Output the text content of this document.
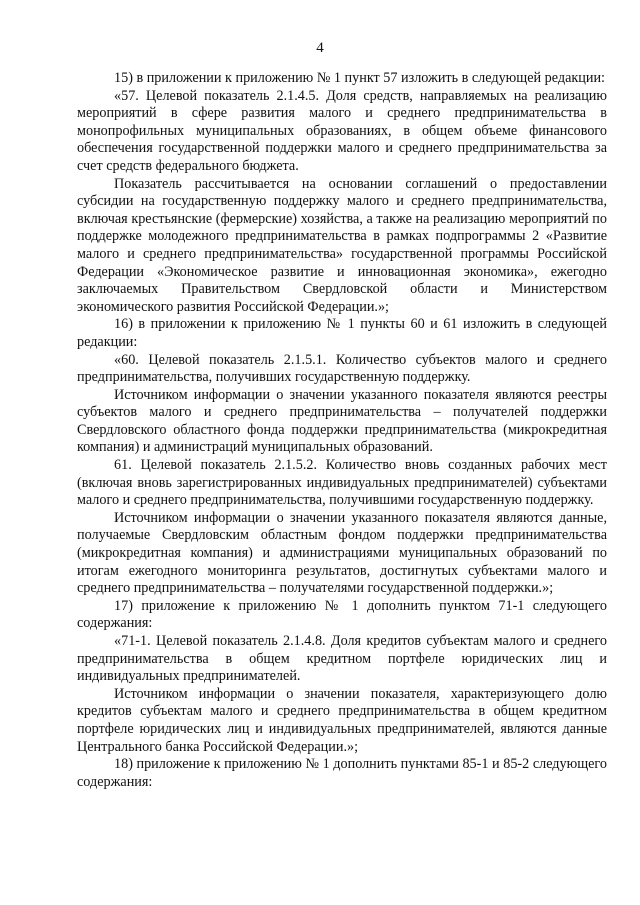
4

15) в приложении к приложению № 1 пункт 57 изложить в следующей редакции:

«57. Целевой показатель 2.1.4.5. Доля средств, направляемых на реализацию мероприятий в сфере развития малого и среднего предпринимательства в монопрофильных муниципальных образованиях, в общем объеме финансового обеспечения государственной поддержки малого и среднего предпринимательства за счет средств федерального бюджета.

Показатель рассчитывается на основании соглашений о предоставлении субсидии на государственную поддержку малого и среднего предпринимательства, включая крестьянские (фермерские) хозяйства, а также на реализацию мероприятий по поддержке молодежного предпринимательства в рамках подпрограммы 2 «Развитие малого и среднего предпринимательства» государственной программы Российской Федерации «Экономическое развитие и инновационная экономика», ежегодно заключаемых Правительством Свердловской области и Министерством экономического развития Российской Федерации.»;

16) в приложении к приложению № 1 пункты 60 и 61 изложить в следующей редакции:

«60. Целевой показатель 2.1.5.1. Количество субъектов малого и среднего предпринимательства, получивших государственную поддержку.

Источником информации о значении указанного показателя являются реестры субъектов малого и среднего предпринимательства – получателей поддержки Свердловского областного фонда поддержки предпринимательства (микрокредитная компания) и администраций муниципальных образований.

61. Целевой показатель 2.1.5.2. Количество вновь созданных рабочих мест (включая вновь зарегистрированных индивидуальных предпринимателей) субъектами малого и среднего предпринимательства, получившими государственную поддержку.

Источником информации о значении указанного показателя являются данные, получаемые Свердловским областным фондом поддержки предпринимательства (микрокредитная компания) и администрациями муниципальных образований по итогам ежегодного мониторинга результатов, достигнутых субъектами малого и среднего предпринимательства – получателями государственной поддержки.»;

17) приложение к приложению № 1 дополнить пунктом 71-1 следующего содержания:

«71-1. Целевой показатель 2.1.4.8. Доля кредитов субъектам малого и среднего предпринимательства в общем кредитном портфеле юридических лиц и индивидуальных предпринимателей.

Источником информации о значении показателя, характеризующего долю кредитов субъектам малого и среднего предпринимательства в общем кредитном портфеле юридических лиц и индивидуальных предпринимателей, являются данные Центрального банка Российской Федерации.»;

18) приложение к приложению № 1 дополнить пунктами 85-1 и 85-2 следующего содержания:
